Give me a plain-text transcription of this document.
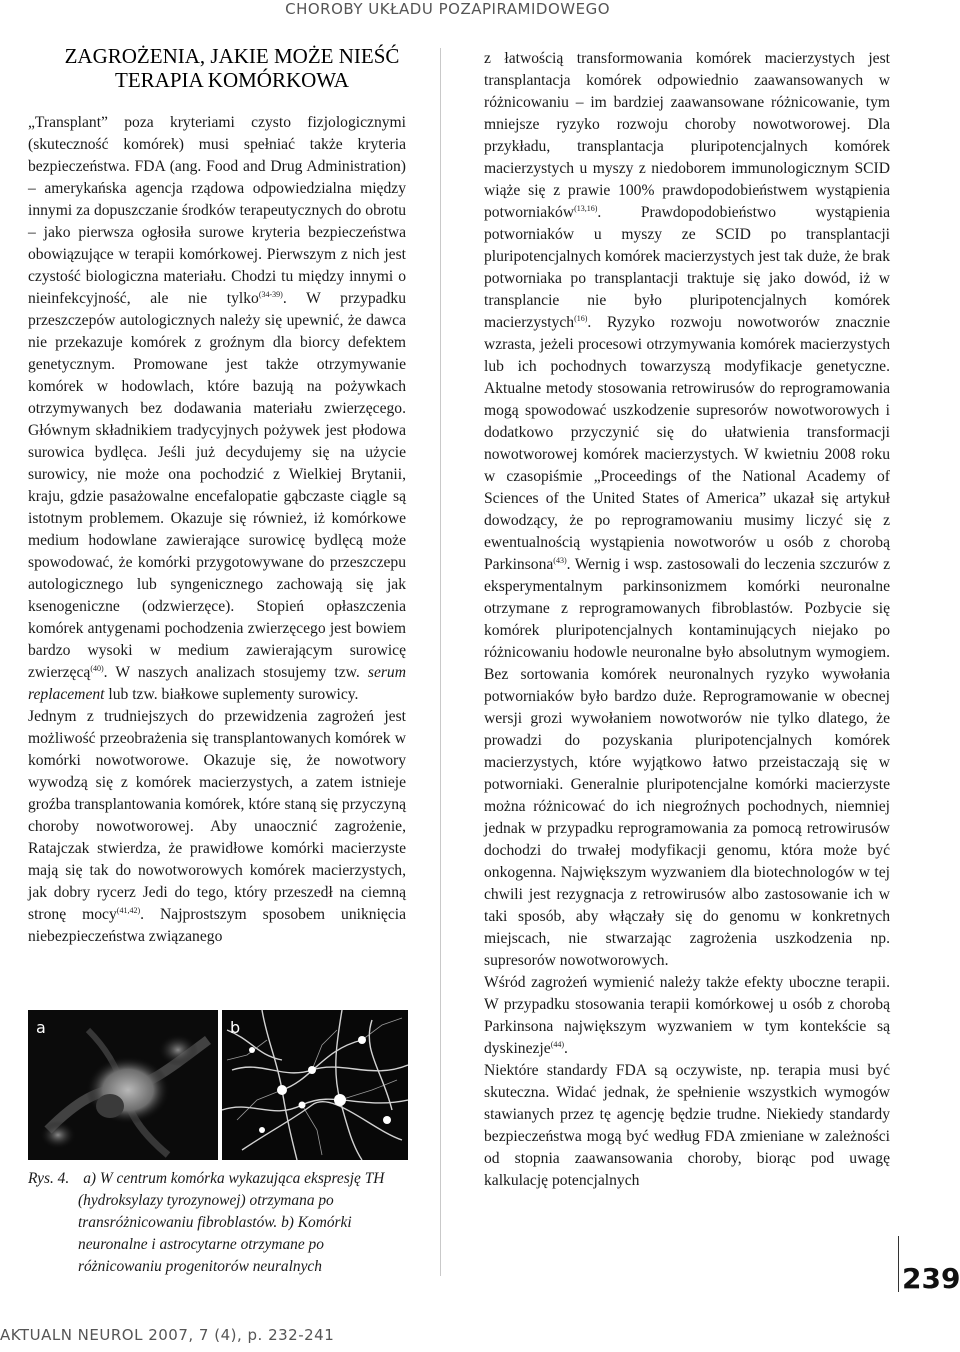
CHOROBY UKŁADU POZAPIRAMIDOWEGO
ZAGROŻENIA, JAKIE MOŻE NIEŚĆ TERAPIA KOMÓRKOWA

„Transplant” poza kryteriami czysto fizjologicznymi (skuteczność komórek) musi spełniać także kryteria bezpieczeństwa. FDA (ang. Food and Drug Administration) – amerykańska agencja rządowa odpowiedzialna między innymi za dopuszczanie środków terapeutycznych do obrotu – jako pierwsza ogłosiła surowe kryteria bezpieczeństwa obowiązujące w terapii komórkowej. Pierwszym z nich jest czystość biologiczna materiału. Chodzi tu między innymi o nieinfekcyjność, ale nie tylko$^{(34-39)}$. W przypadku przeszczepów autologicznych należy się upewnić, że dawca nie przekazuje komórek z groźnym dla biorcy defektem genetycznym. Promowane jest także otrzymywanie komórek w hodowlach, które bazują na pożywkach otrzymywanych bez dodawania materiału zwierzęcego. Głównym składnikiem tradycyjnych pożywek jest płodowa surowica bydlęca. Jeśli już decydujemy się na użycie surowicy, nie może ona pochodzić z Wielkiej Brytanii, kraju, gdzie pasażowalne encefalopatie gąbczaste ciągle są istotnym problemem. Okazuje się również, iż komórkowe medium hodowlane zawierające surowicę bydlęcą może spowodować, że komórki przygotowywane do przeszczepu autologicznego lub syngenicznego zachowają się jak ksenogeniczne (odzwierzęce). Stopień opłaszczenia komórek antygenami pochodzenia zwierzęcego jest bowiem bardzo wysoki w medium zawierającym surowicę zwierzęcą$^{(40)}$. W naszych analizach stosujemy tzw. serum replacement lub tzw. białkowe suplementy surowicy.

Jednym z trudniejszych do przewidzenia zagrożeń jest możliwość przeobrażenia się transplantowanych komórek w komórki nowotworowe. Okazuje się, że nowotwory wywodzą się z komórek macierzystych, a zatem istnieje groźba transplantowania komórek, które staną się przyczyną choroby nowotworowej. Aby unaocznić zagrożenie, Ratajczak stwierdza, że prawidłowe komórki macierzyste mają się tak do nowotworowych komórek macierzystych, jak dobry rycerz Jedi do tego, który przeszedł na ciemną stronę mocy$^{(41,42)}$. Najprostszym sposobem uniknięcia niebezpieczeństwa związanego

a	b
Rys. 4. a) W centrum komórka wykazująca ekspresję TH
(hydroksylazy tyrozynowej) otrzymana po transróżnicowaniu fibroblastów. b) Komórki neuronalne i astrocytarne otrzymane po różnicowaniu progenitorów neuralnych

z łatwością transformowania komórek macierzystych jest transplantacja komórek odpowiednio zaawansowanych w różnicowaniu – im bardziej zaawansowane różnicowanie, tym mniejsze ryzyko rozwoju choroby nowotworowej. Dla przykładu, transplantacja pluripotencjalnych komórek macierzystych u myszy z niedoborem immunologicznym SCID wiąże się z prawie 100% prawdopodobieństwem wystąpienia potworniaków$^{(13,16)}$. Prawdopodobieństwo wystąpienia potworniaków u myszy ze SCID po transplantacji pluripotencjalnych komórek macierzystych jest tak duże, że brak potworniaka po transplantacji traktuje się jako dowód, iż w transplancie nie było pluripotencjalnych komórek macierzystych$^{(16)}$. Ryzyko rozwoju nowotworów znacznie wzrasta, jeżeli procesowi otrzymywania komórek macierzystych lub ich pochodnych towarzyszą modyfikacje genetyczne. Aktualne metody stosowania retrowirusów do reprogramowania mogą spowodować uszkodzenie supresorów nowotworowych i dodatkowo przyczynić się do ułatwienia transformacji nowotworowej komórek macierzystych. W kwietniu 2008 roku w czasopiśmie „Proceedings of the National Academy of Sciences of the United States of America” ukazał się artykuł dowodzący, że po reprogramowaniu musimy liczyć się z ewentualnością wystąpienia nowotworów u osób z chorobą Parkinsona$^{(43)}$. Wernig i wsp. zastosowali do leczenia szczurów z eksperymentalnym parkinsonizmem komórki neuronalne otrzymane z reprogramowanych fibroblastów. Pozbycie się komórek pluripotencjalnych kontaminujących niejako po różnicowaniu hodowle neuronalne było absolutnym wymogiem. Bez sortowania komórek neuronalnych ryzyko wywołania potworniaków było bardzo duże. Reprogramowanie w obecnej wersji grozi wywołaniem nowotworów nie tylko dlatego, że prowadzi do pozyskania pluripotencjalnych komórek macierzystych, które wyjątkowo łatwo przeistaczają się w potworniaki. Generalnie pluripotencjalne komórki macierzyste można różnicować do ich niegroźnych pochodnych, niemniej jednak w przypadku reprogramowania za pomocą retrowirusów dochodzi do trwałej modyfikacji genomu, która może być onkogenna. Największym wyzwaniem dla biotechnologów w tej chwili jest rezygnacja z retrowirusów albo zastosowanie ich w taki sposób, aby włączały się do genomu w konkretnych miejscach, nie stwarzając zagrożenia uszkodzenia np. supresorów nowotworowych.

Wśród zagrożeń wymienić należy także efekty uboczne terapii. W przypadku stosowania terapii komórkowej u osób z chorobą Parkinsona największym wyzwaniem w tym kontekście są dyskinezje$^{(44)}$.

Niektóre standardy FDA są oczywiste, np. terapia musi być skuteczna. Widać jednak, że spełnienie wszystkich wymogów stawianych przez tę agencję będzie trudne. Niekiedy standardy bezpieczeństwa mogą być według FDA zmieniane w zależności od stopnia zaawansowania choroby, biorąc pod uwagę kalkulację potencjalnych

239
AKTUALN NEUROL 2007, 7 (4), p. 232-241
